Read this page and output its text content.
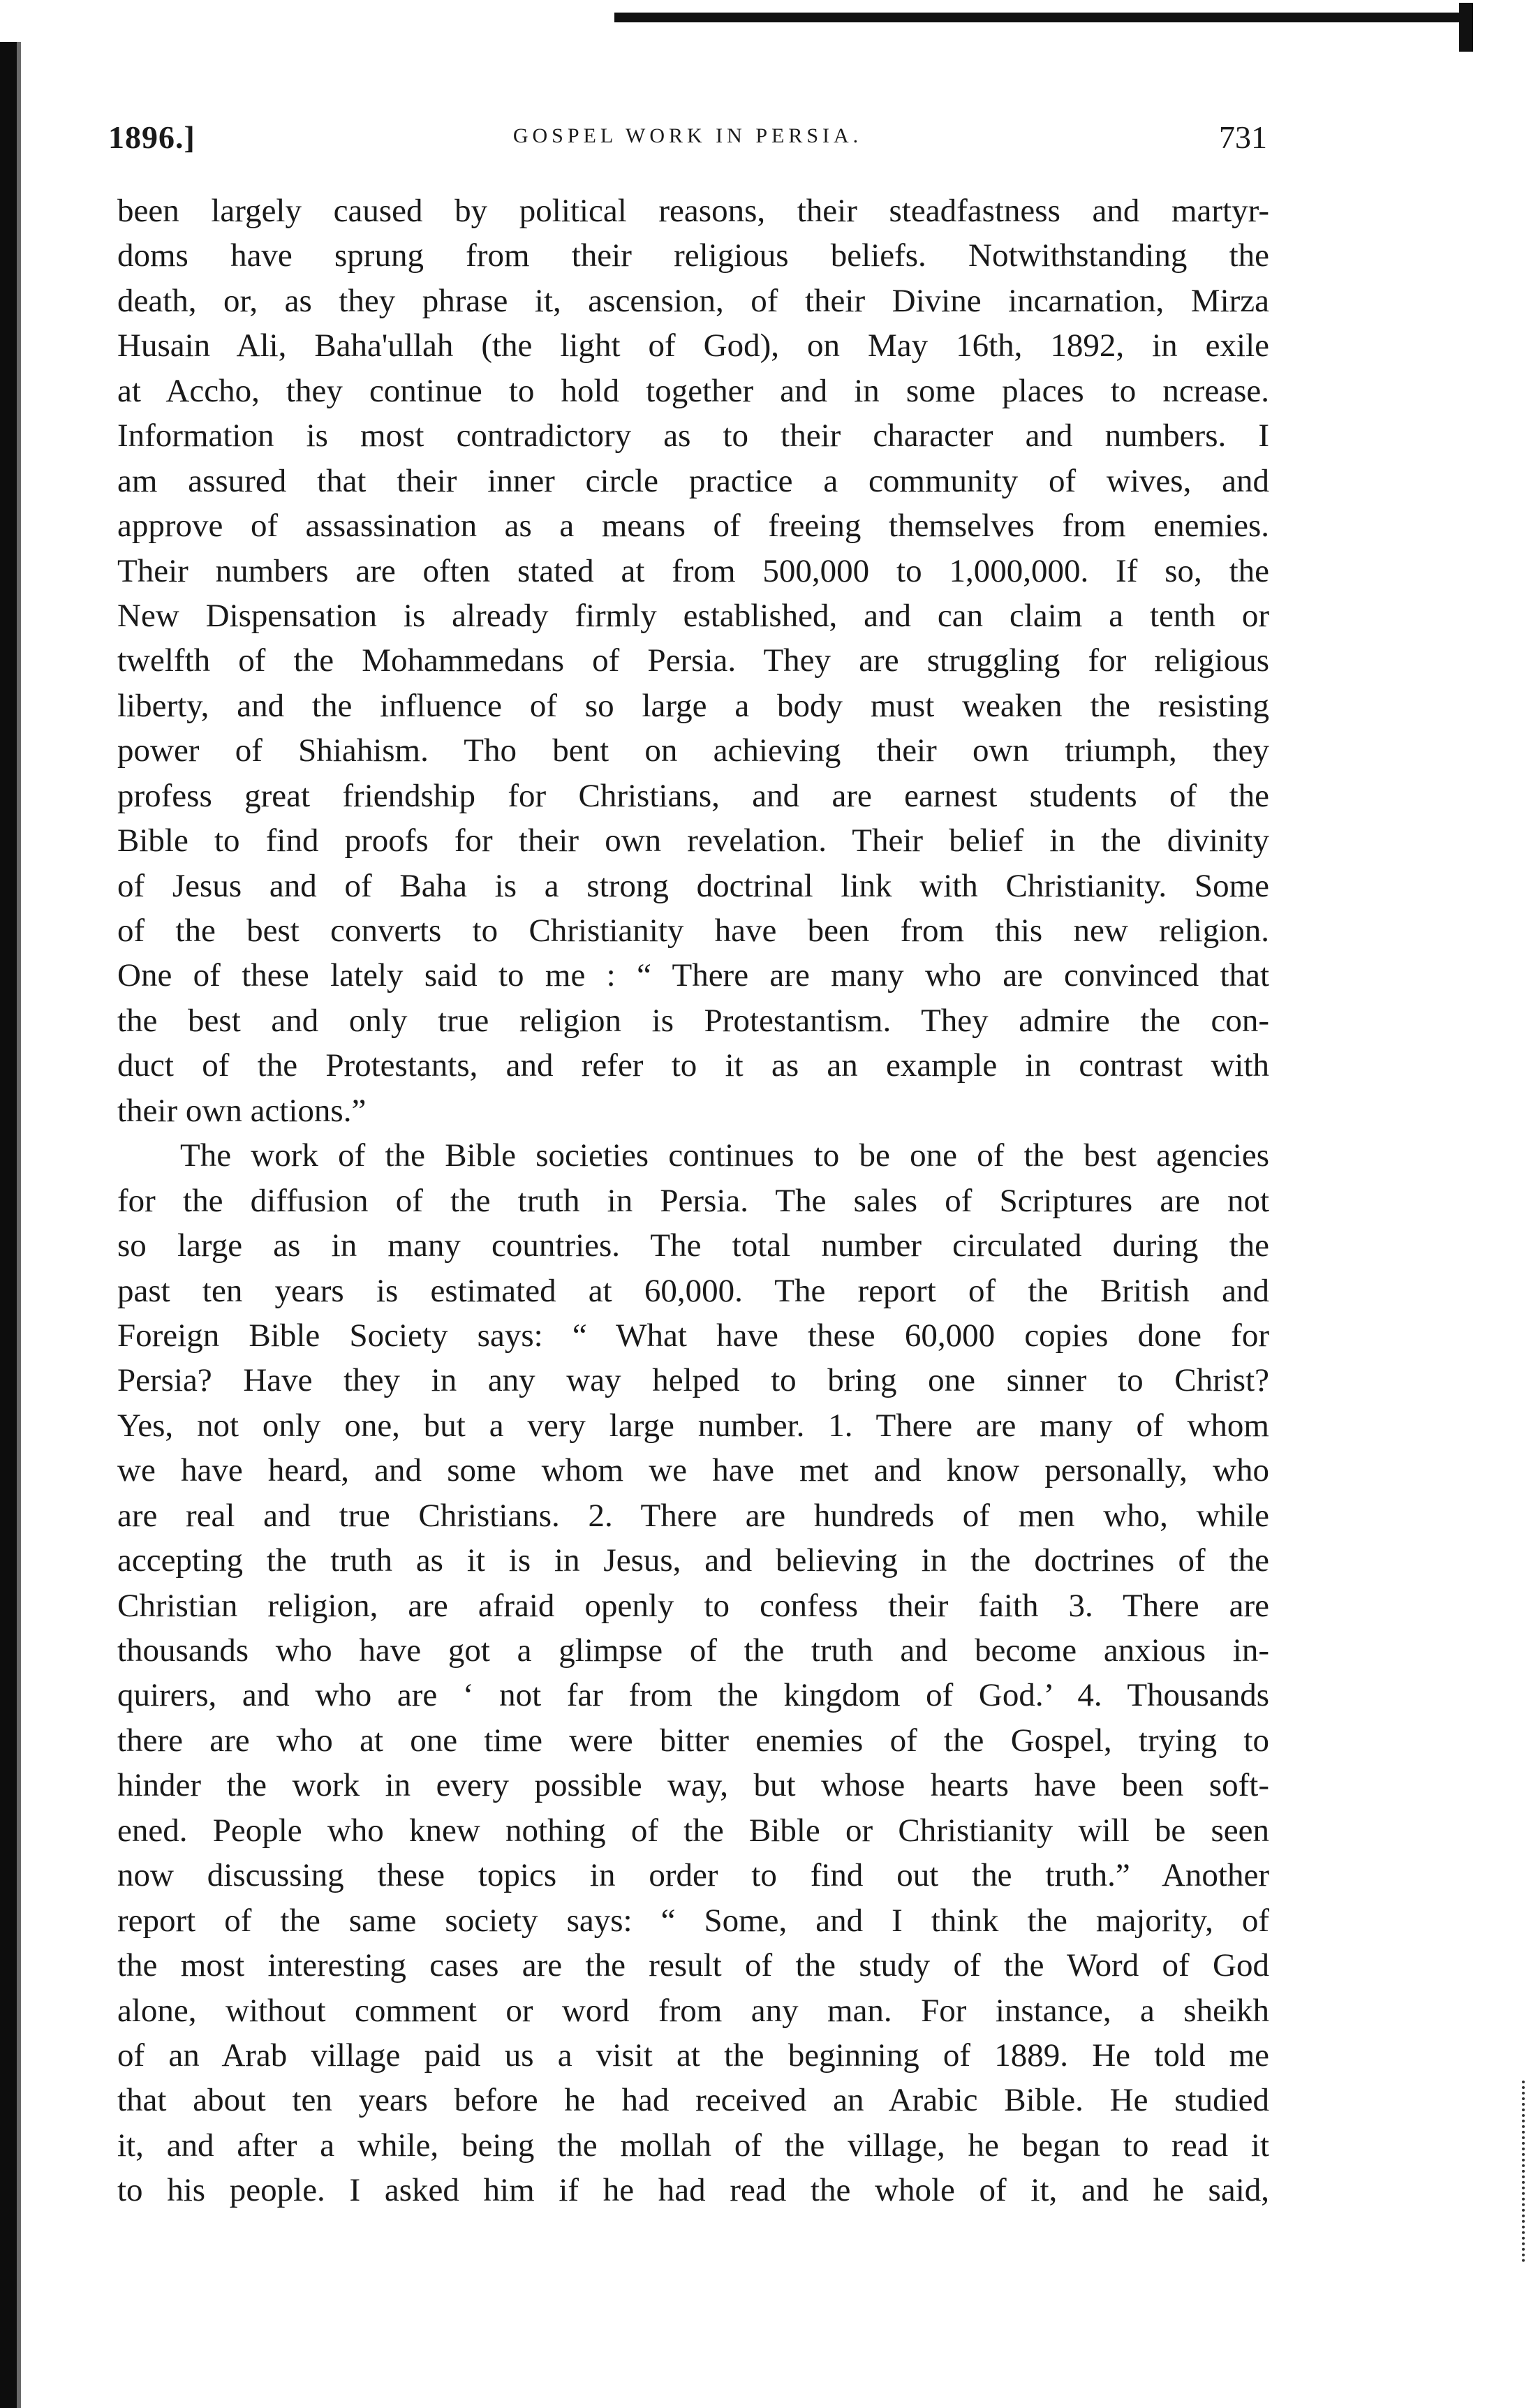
1896.]	GOSPEL WORK IN PERSIA.	731
been largely caused by political reasons, their steadfastness and martyr-
doms have sprung from their religious beliefs. Notwithstanding the
death, or, as they phrase it, ascension, of their Divine incarnation, Mirza
Husain Ali, Baha'ullah (the light of God), on May 16th, 1892, in exile
at Accho, they continue to hold together and in some places to ncrease.
Information is most contradictory as to their character and numbers. I
am assured that their inner circle practice a community of wives, and
approve of assassination as a means of freeing themselves from enemies.
Their numbers are often stated at from 500,000 to 1,000,000. If so, the
New Dispensation is already firmly established, and can claim a tenth or
twelfth of the Mohammedans of Persia. They are struggling for religious
liberty, and the influence of so large a body must weaken the resisting
power of Shiahism. Tho bent on achieving their own triumph, they
profess great friendship for Christians, and are earnest students of the
Bible to find proofs for their own revelation. Their belief in the divinity
of Jesus and of Baha is a strong doctrinal link with Christianity. Some
of the best converts to Christianity have been from this new religion.
One of these lately said to me : “ There are many who are convinced that
the best and only true religion is Protestantism. They admire the con-
duct of the Protestants, and refer to it as an example in contrast with
their own actions.”
The work of the Bible societies continues to be one of the best agencies
for the diffusion of the truth in Persia. The sales of Scriptures are not
so large as in many countries. The total number circulated during the
past ten years is estimated at 60,000. The report of the British and
Foreign Bible Society says: “ What have these 60,000 copies done for
Persia? Have they in any way helped to bring one sinner to Christ?
Yes, not only one, but a very large number. 1. There are many of whom
we have heard, and some whom we have met and know personally, who
are real and true Christians. 2. There are hundreds of men who, while
accepting the truth as it is in Jesus, and believing in the doctrines of the
Christian religion, are afraid openly to confess their faith 3. There are
thousands who have got a glimpse of the truth and become anxious in-
quirers, and who are ‘ not far from the kingdom of God.’ 4. Thousands
there are who at one time were bitter enemies of the Gospel, trying to
hinder the work in every possible way, but whose hearts have been soft-
ened. People who knew nothing of the Bible or Christianity will be seen
now discussing these topics in order to find out the truth.” Another
report of the same society says: “ Some, and I think the majority, of
the most interesting cases are the result of the study of the Word of God
alone, without comment or word from any man. For instance, a sheikh
of an Arab village paid us a visit at the beginning of 1889. He told me
that about ten years before he had received an Arabic Bible. He studied
it, and after a while, being the mollah of the village, he began to read it
to his people. I asked him if he had read the whole of it, and he said,
